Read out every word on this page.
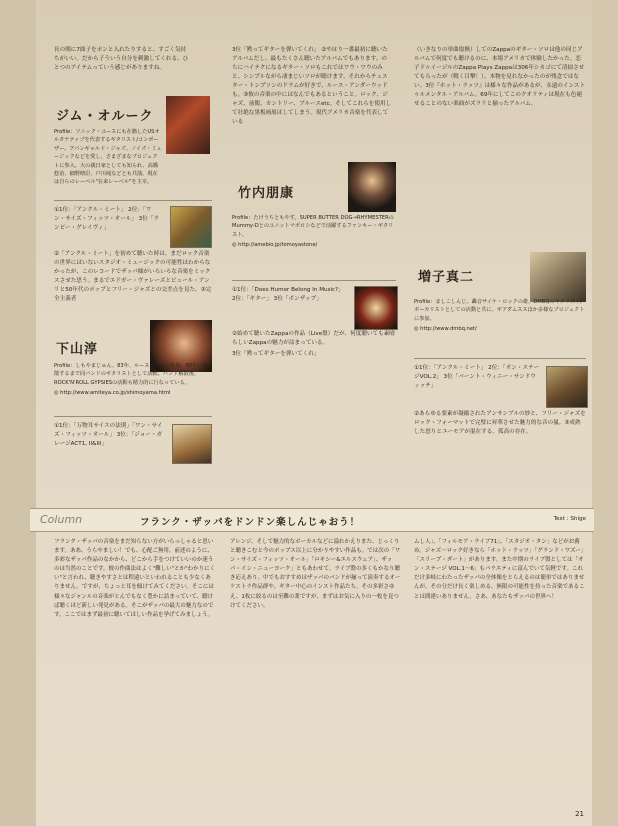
長の間に7曲子をポンと入れたりすると、すごく気持ちがいい。だから子ういう自分を刺激してくれる、ひとつのアイテムっていう感じがありますね。

ジム・オルーク

Profile：ソニック・ユースにも在籍したUSオルタナティブを代表するギタリスト/コンポーザー。アバンギャルド・ジャズ、ノイズ・ミュージックなどを愛し、さまざまなプロジェクトに参入。大の親日家としても知られ、高橋悠治、細野晴臣、戸川純などとも共演。現在は自らのレーベル"在来レーベル"を主宰。

①1位：「アンクル・ミート」 2位：「ワン・サイズ・フィッツ・オール」 3位「ランピー・グレイヴィ」

②「アンクル・ミート」を初めて聴いた時は、まだロック音楽の世界にはいないスタジオ・ミュージックの可能性はわからなかったが、このレコードでザッパ様がいろいろな音楽をミックスさせた思う。まるでエドガー・ヴァレーズとビュール・アンリと50年代のポップとフリー・ジャズとの交差点を見た。③完全主義者

下山淳

Profile：しもやまじゅん、83年、ルースターズに参加。88年に解散するまで同バンドのギタリストとして活動。バンド解散後、ROCK'N'ROLL GYPSIESの活動も精力的に行なっている。

◎ http://www.amiteya.co.jp/shimoyama.html

①1位：「万物耳サイスの法則」「ワン・サイズ・フィッツ・オール」 3位：「ジョー・ガレージACT1, II&III」

3位「黙ってギターを弾いてくれ」 ②やはり一番最初に聴いたアルバムだし、最もたくさん聴いたアルバムでもあります。のちにハイテクになるギター・ソロもこれではワウ・ワウのみと、シンプルながら凄まじいソロが聴けます。それからチェスター・トンプソンのドラムが好きで、ルース・アンダーウッドも。③彼の音楽の中にはなんでもあるということ。ロック、ジャズ、前衛、カントリー、ブルースetc。そしてこれらを使用して壮絶な黒板画展はしてしまう。現代アメリカ音楽を代表している

竹内朋康

Profile：たけうちともやす。SUPER BUTTER DOG→RHYMESTERのMummy-Dとのユニットマボロシなどで活躍するファンキー・ギタリスト。

◎ http://amebio.jp/tomoyastone/

①1位：「Does Humor Belong In Music?」 2位：「ギター」 3位「ボンザップ」

②始めて聴いたZappaの作品（Live盤）だが、何度聴いても素晴らしいZappaの魅力が詰まっている。

3位「黙ってギターを弾いてくれ」

（いきなりの単曲取換）してのZappaのギター・ソロは他の同じアルバムで何度でも聴けるのに、本場アメリカで体験したかった。恋子ドゥイージルのZappa Plays Zappaは306年シカゴにて清掃させてもらったが（戦く目撃！）、本物を見れなかったのが残念ではない。3位『ホット・ラッツ』は様々な作品があるが、永遠のインストゥルメンタル・アルバム。69年にしてこのクオリティは現在も色褪せることのない楽曲がズラリと揃ったアルバム。

増子真二

Profile：ましこしんじ。轟音サイケ・ロックの雄、DMBQのギタリスト/ボーカリストとしての活動と共に、ギアダムススほか多様なプロジェクトに参加。

◎ http://www.dmbq.net/

①1位：「アンクル・ミート」 2位：「オン・ステージVOL.2」 3位「バーント・ウィニー・サンドウィッチ」

②あらゆる要素が凝縮されたアンサンブルの妙と、フリー・ジャズをロック・フォーマットで完璧に昇華させた魅力的な音の嵐。③成熟した怒りとユーモアが混在する、孤高の存在。

Column	フランク・ザッパをドンドン楽しんじゃおう！	Text : Shige

フランク・ザッパの音楽をまだ知らない方がいらっしゃると思います。ああ、うらやましい！でも、心配ご無用。前述のように、多彩なザッパ作品のなかから、どこから手をつけていいのか迷うのは当然のことです。彼の作曲法はよく"難しい"とか"わかりにくい"と言われ、聴きやすさとは程遠いといわれることも少なくありません。ですが、ちょっと耳を傾けてみてください。そこには様々なジャンルの音楽がとんでもなく豊かに詰まっていて、聴けば聴くほど新しい発見がある。そこがザッパの最大の魅力なのです。ここではまず最初に聴いてほしい作品を挙げてみましょう。

アレンジ、そして魅力的なボーカルなどに溢れかえりまた、じっくりと聴きこむと今のポップス以上に分かりやすい作品も。では次の「ワン・サイズ・フィッツ・オール」「ロキシー&エルスウェア」、ザッパ・イン・ニューヨーク」ともあわせて、ライブ盤の多くもかなり聴き応えあり。中でもおすすめはザッパのバンドが揃って演奏するオーケストラ作品群や、ギター中心のインスト作品たち。その多彩さゆえ、1枚に絞るのは至難の業ですが、まずはお気に入りの一枚を見つけてください。

ムし人」、「フィルモア・ライブ71」、「スタジオ・タン」などがお薦め。ジャズ〜ロック好きなら「ホット・ラッツ」「グランド・ワズー」「スリープ・ダート」があります。また中期のライブ盤としては「オン・ステージ VOL.1〜6」もバラエティに富んでいて気軽です。これだけ多岐にわたったザッパの全体像をとらえるのは簡単ではありませんが、その分だけ長く楽しめる、無限の可能性を持った音楽であることは間違いありません。さあ、あなたもザッパの世界へ！

21
